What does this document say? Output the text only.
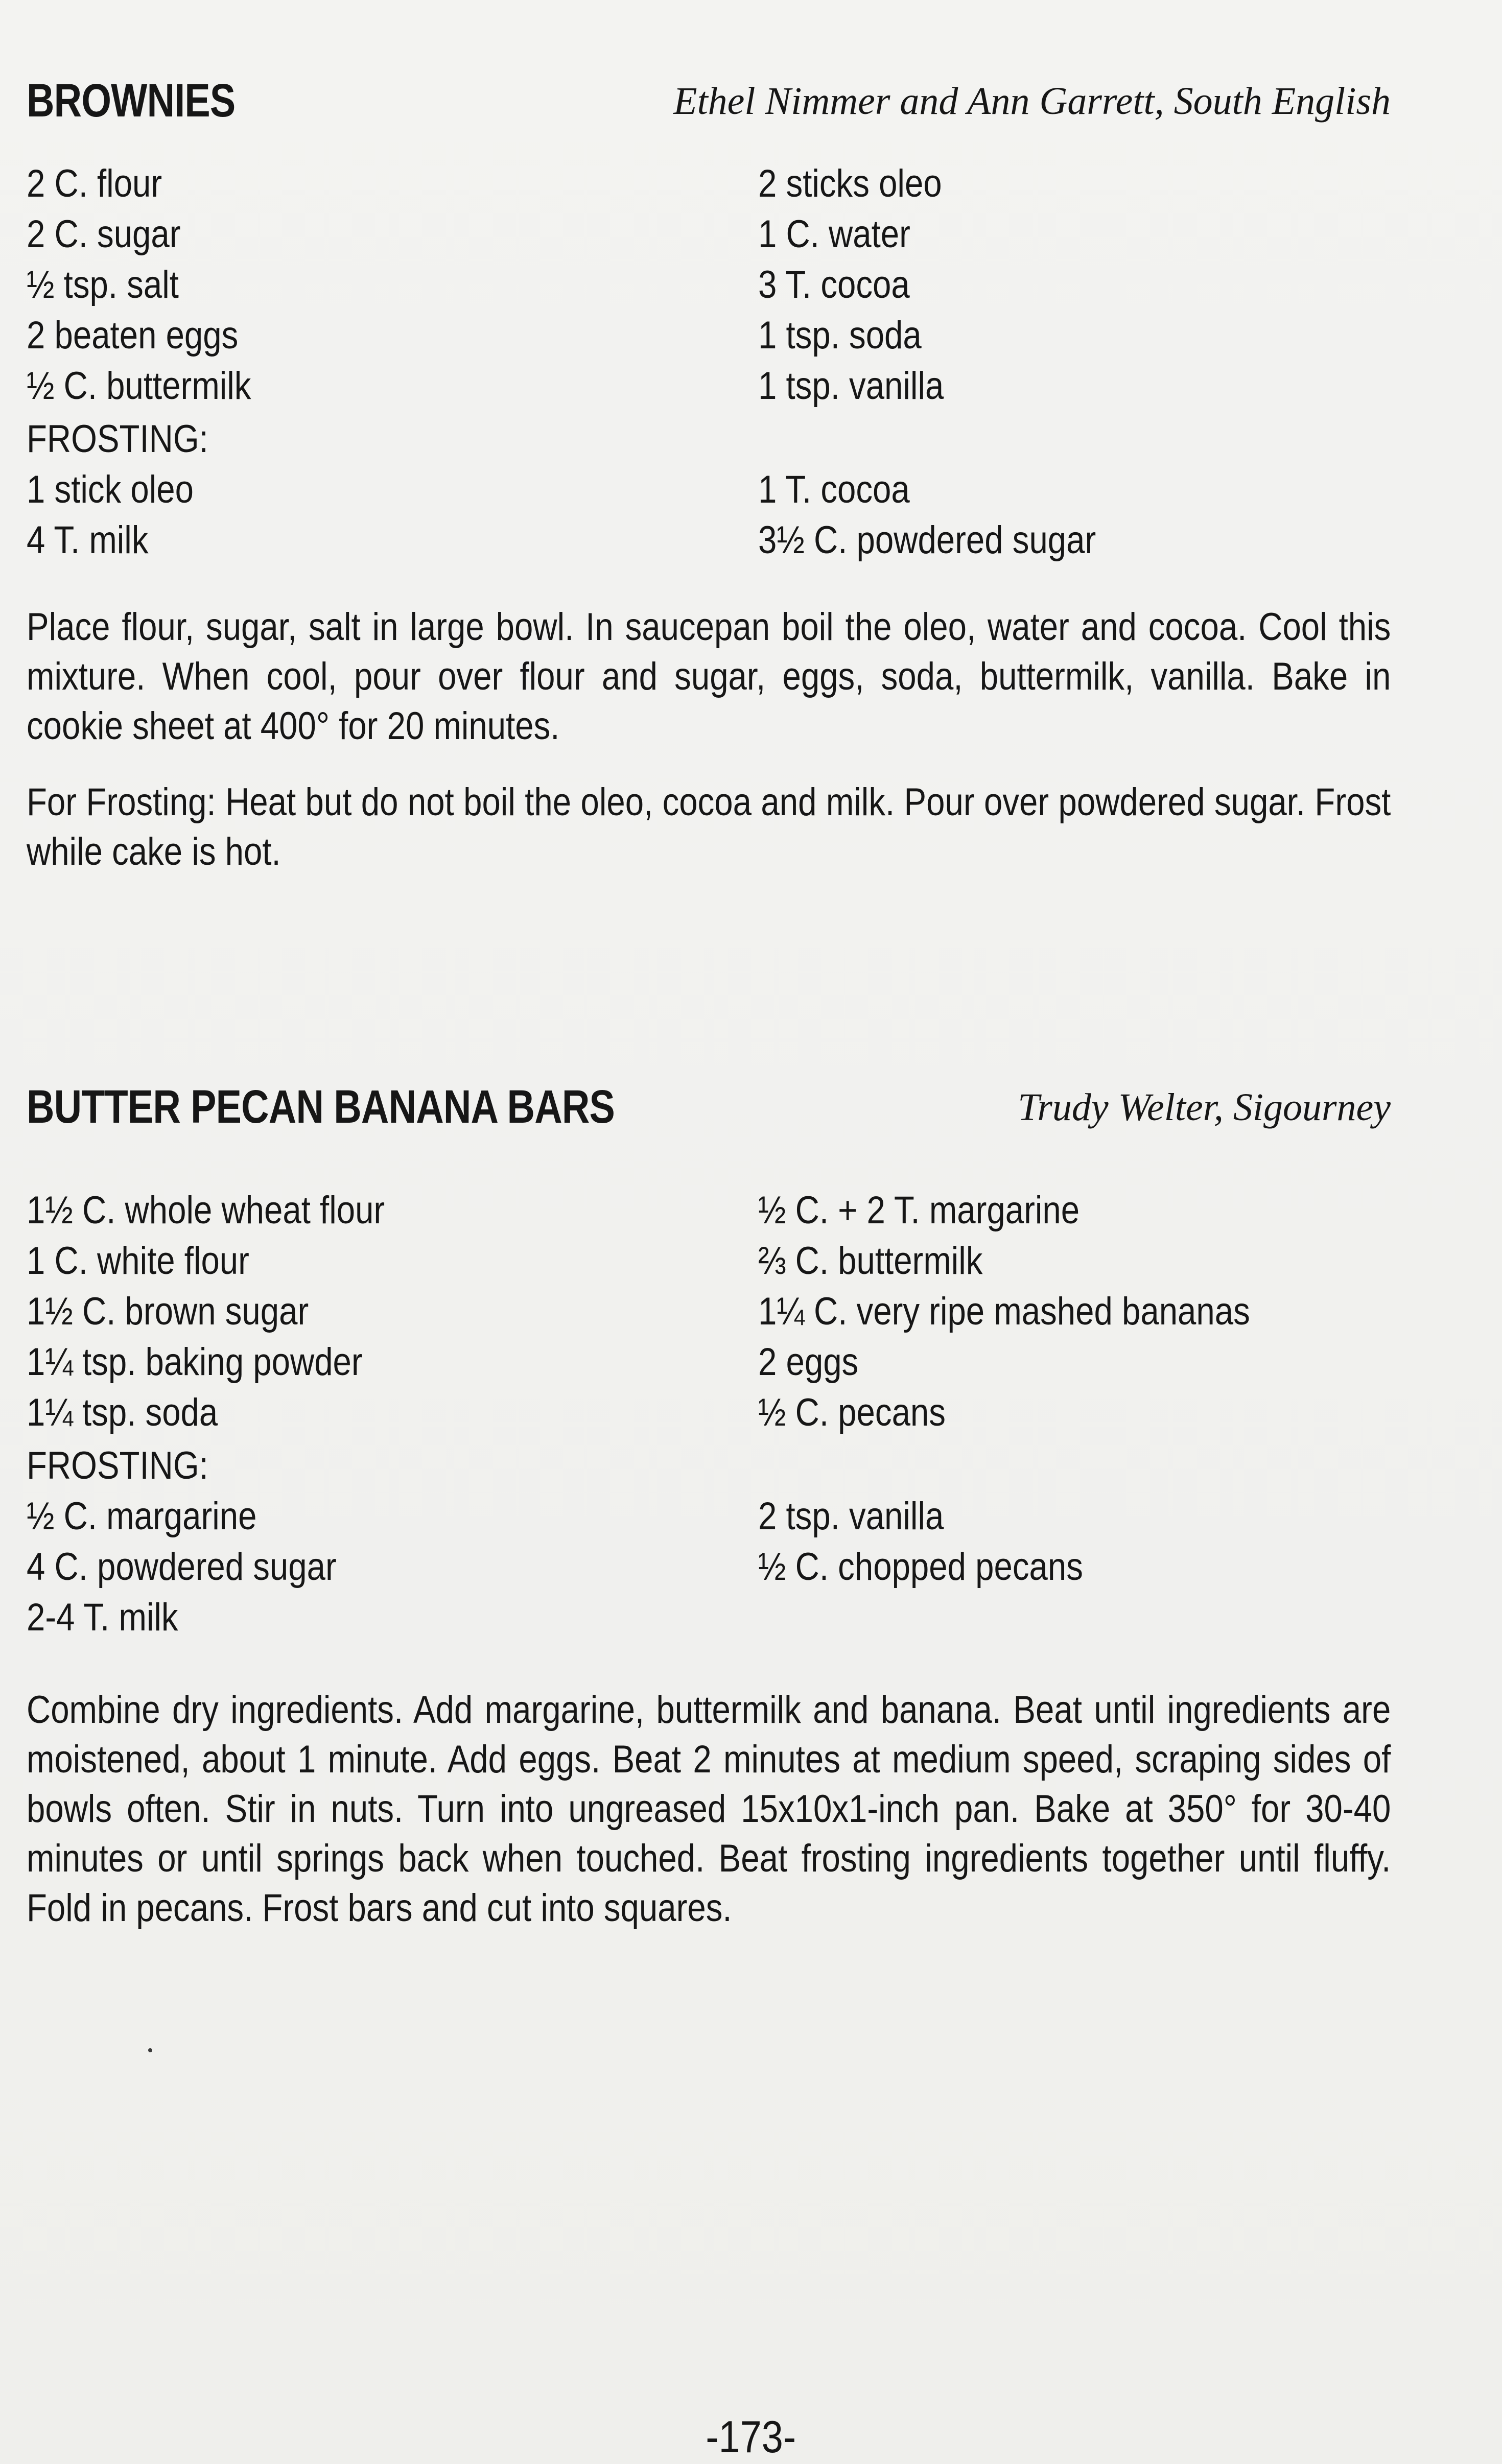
BROWNIES	Ethel Nimmer and Ann Garrett, South English
2 C. flour
2 C. sugar
½ tsp. salt
2 beaten eggs
½ C. buttermilk
2 sticks oleo
1 C. water
3 T. cocoa
1 tsp. soda
1 tsp. vanilla
FROSTING:
1 stick oleo
4 T. milk
1 T. cocoa
3½ C. powdered sugar

Place flour, sugar, salt in large bowl. In saucepan boil the oleo, water and cocoa. Cool this mixture. When cool, pour over flour and sugar, eggs, soda, buttermilk, vanilla. Bake in cookie sheet at 400° for 20 minutes.

For Frosting: Heat but do not boil the oleo, cocoa and milk. Pour over powdered sugar. Frost while cake is hot.

BUTTER PECAN BANANA BARS	Trudy Welter, Sigourney
1½ C. whole wheat flour
1 C. white flour
1½ C. brown sugar
1¼ tsp. baking powder
1¼ tsp. soda
½ C. + 2 T. margarine
⅔ C. buttermilk
1¼ C. very ripe mashed bananas
2 eggs
½ C. pecans
FROSTING:
½ C. margarine
4 C. powdered sugar
2-4 T. milk
2 tsp. vanilla
½ C. chopped pecans

Combine dry ingredients. Add margarine, buttermilk and banana. Beat until ingredients are moistened, about 1 minute. Add eggs. Beat 2 minutes at medium speed, scraping sides of bowls often. Stir in nuts. Turn into ungreased 15x10x1-inch pan. Bake at 350° for 30-40 minutes or until springs back when touched. Beat frosting ingredients together until fluffy. Fold in pecans. Frost bars and cut into squares.

-173-
